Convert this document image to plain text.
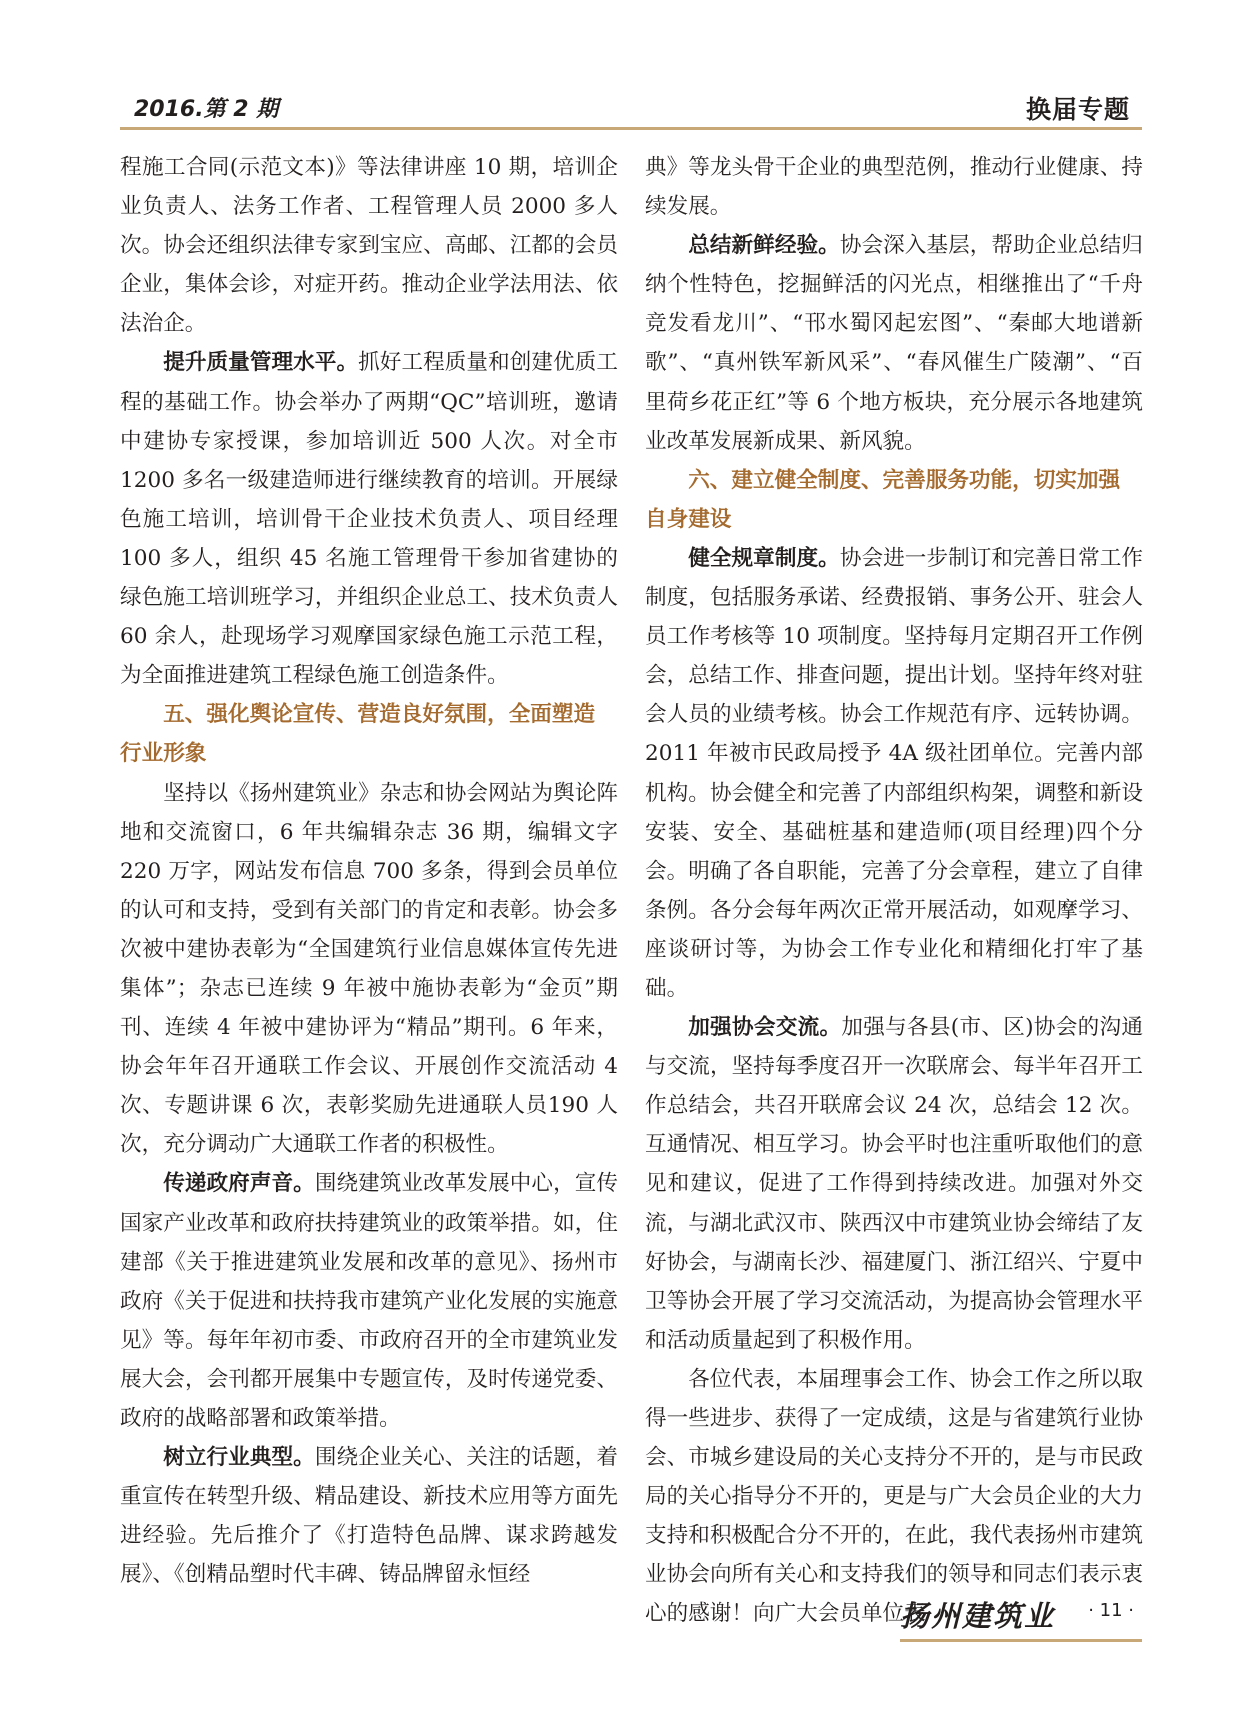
2016.第 2 期	换届专题

程施工合同(示范文本)》等法律讲座 10 期，培训企业负责人、法务工作者、工程管理人员 2000 多人次。协会还组织法律专家到宝应、高邮、江都的会员企业，集体会诊，对症开药。推动企业学法用法、依法治企。

提升质量管理水平。抓好工程质量和创建优质工程的基础工作。协会举办了两期“QC”培训班，邀请中建协专家授课，参加培训近 500 人次。对全市 1200 多名一级建造师进行继续教育的培训。开展绿色施工培训，培训骨干企业技术负责人、项目经理 100 多人，组织 45 名施工管理骨干参加省建协的绿色施工培训班学习，并组织企业总工、技术负责人 60 余人，赴现场学习观摩国家绿色施工示范工程，为全面推进建筑工程绿色施工创造条件。

五、强化舆论宣传、营造良好氛围，全面塑造
行业形象

坚持以《扬州建筑业》杂志和协会网站为舆论阵地和交流窗口，6 年共编辑杂志 36 期，编辑文字 220 万字，网站发布信息 700 多条，得到会员单位的认可和支持，受到有关部门的肯定和表彰。协会多次被中建协表彰为“全国建筑行业信息媒体宣传先进集体”；杂志已连续 9 年被中施协表彰为“金页”期刊、连续 4 年被中建协评为“精品”期刊。6 年来，协会年年召开通联工作会议、开展创作交流活动 4 次、专题讲课 6 次，表彰奖励先进通联人员190 人次，充分调动广大通联工作者的积极性。

传递政府声音。围绕建筑业改革发展中心，宣传国家产业改革和政府扶持建筑业的政策举措。如，住建部《关于推进建筑业发展和改革的意见》、扬州市政府《关于促进和扶持我市建筑产业化发展的实施意见》等。每年年初市委、市政府召开的全市建筑业发展大会，会刊都开展集中专题宣传，及时传递党委、政府的战略部署和政策举措。

树立行业典型。围绕企业关心、关注的话题，着重宣传在转型升级、精品建设、新技术应用等方面先进经验。先后推介了《打造特色品牌、谋求跨越发展》、《创精品塑时代丰碑、铸品牌留永恒经

典》等龙头骨干企业的典型范例，推动行业健康、持续发展。

总结新鲜经验。协会深入基层，帮助企业总结归纳个性特色，挖掘鲜活的闪光点，相继推出了“千舟竞发看龙川”、“邗水蜀冈起宏图”、“秦邮大地谱新歌”、“真州铁军新风采”、“春风催生广陵潮”、“百里荷乡花正红”等 6 个地方板块，充分展示各地建筑业改革发展新成果、新风貌。

六、建立健全制度、完善服务功能，切实加强
自身建设

健全规章制度。协会进一步制订和完善日常工作制度，包括服务承诺、经费报销、事务公开、驻会人员工作考核等 10 项制度。坚持每月定期召开工作例会，总结工作、排查问题，提出计划。坚持年终对驻会人员的业绩考核。协会工作规范有序、远转协调。2011 年被市民政局授予 4A 级社团单位。完善内部机构。协会健全和完善了内部组织构架，调整和新设安装、安全、基础桩基和建造师(项目经理)四个分会。明确了各自职能，完善了分会章程，建立了自律条例。各分会每年两次正常开展活动，如观摩学习、座谈研讨等，为协会工作专业化和精细化打牢了基础。

加强协会交流。加强与各县(市、区)协会的沟通与交流，坚持每季度召开一次联席会、每半年召开工作总结会，共召开联席会议 24 次，总结会 12 次。互通情况、相互学习。协会平时也注重听取他们的意见和建议，促进了工作得到持续改进。加强对外交流，与湖北武汉市、陕西汉中市建筑业协会缔结了友好协会，与湖南长沙、福建厦门、浙江绍兴、宁夏中卫等协会开展了学习交流活动，为提高协会管理水平和活动质量起到了积极作用。

各位代表，本届理事会工作、协会工作之所以取得一些进步、获得了一定成绩，这是与省建筑行业协会、市城乡建设局的关心支持分不开的，是与市民政局的关心指导分不开的，更是与广大会员企业的大力支持和积极配合分不开的，在此，我代表扬州市建筑业协会向所有关心和支持我们的领导和同志们表示衷心的感谢！向广大会员单位表

扬州建筑业 · 11 ·
